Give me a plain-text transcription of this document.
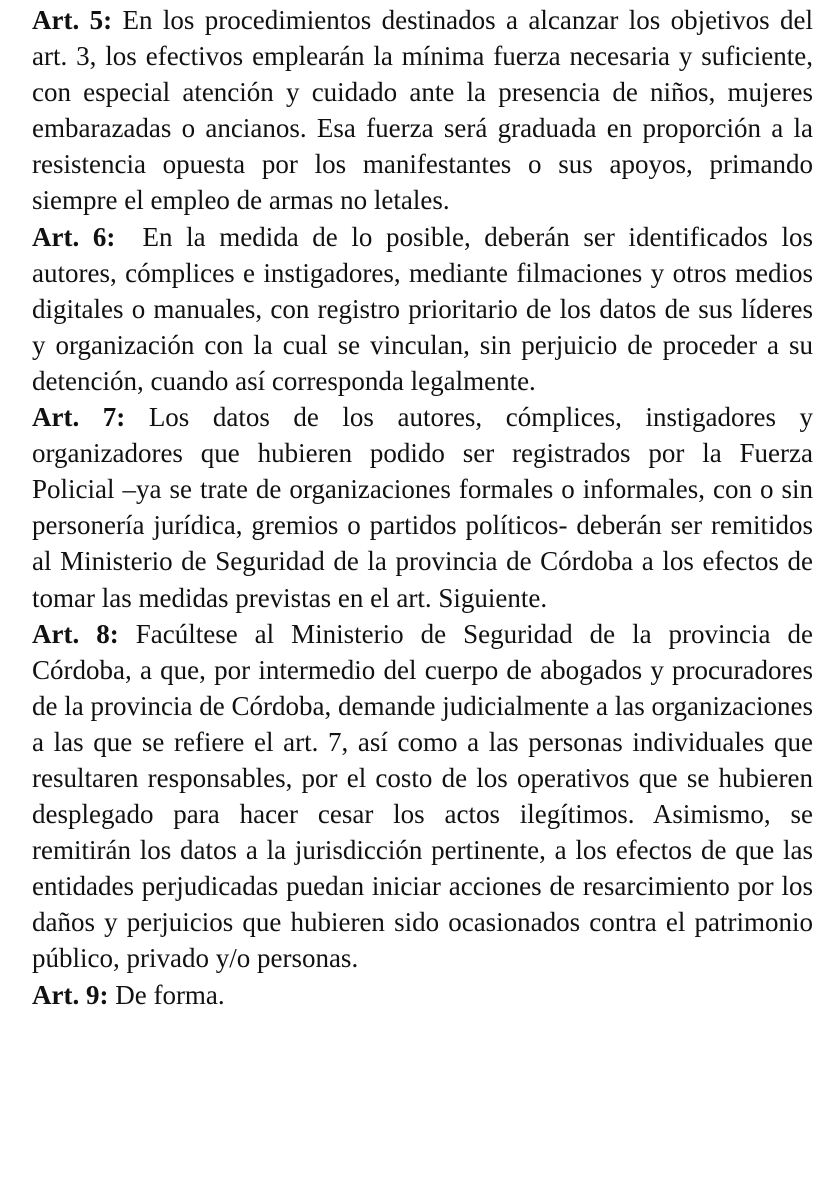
Art. 5: En los procedimientos destinados a alcanzar los objetivos del art. 3, los efectivos emplearán la mínima fuerza necesaria y suficiente, con especial atención y cuidado ante la presencia de niños, mujeres embarazadas o ancianos. Esa fuerza será graduada en proporción a la resistencia opuesta por los manifestantes o sus apoyos, primando siempre el empleo de armas no letales.

Art. 6: En la medida de lo posible, deberán ser identificados los autores, cómplices e instigadores, mediante filmaciones y otros medios digitales o manuales, con registro prioritario de los datos de sus líderes y organización con la cual se vinculan, sin perjuicio de proceder a su detención, cuando así corresponda legalmente.

Art. 7: Los datos de los autores, cómplices, instigadores y organizadores que hubieren podido ser registrados por la Fuerza Policial –ya se trate de organizaciones formales o informales, con o sin personería jurídica, gremios o partidos políticos- deberán ser remitidos al Ministerio de Seguridad de la provincia de Córdoba a los efectos de tomar las medidas previstas en el art. Siguiente.

Art. 8: Facúltese al Ministerio de Seguridad de la provincia de Córdoba, a que, por intermedio del cuerpo de abogados y procuradores de la provincia de Córdoba, demande judicialmente a las organizaciones a las que se refiere el art. 7, así como a las personas individuales que resultaren responsables, por el costo de los operativos que se hubieren desplegado para hacer cesar los actos ilegítimos. Asimismo, se remitirán los datos a la jurisdicción pertinente, a los efectos de que las entidades perjudicadas puedan iniciar acciones de resarcimiento por los daños y perjuicios que hubieren sido ocasionados contra el patrimonio público, privado y/o personas.

Art. 9: De forma.
